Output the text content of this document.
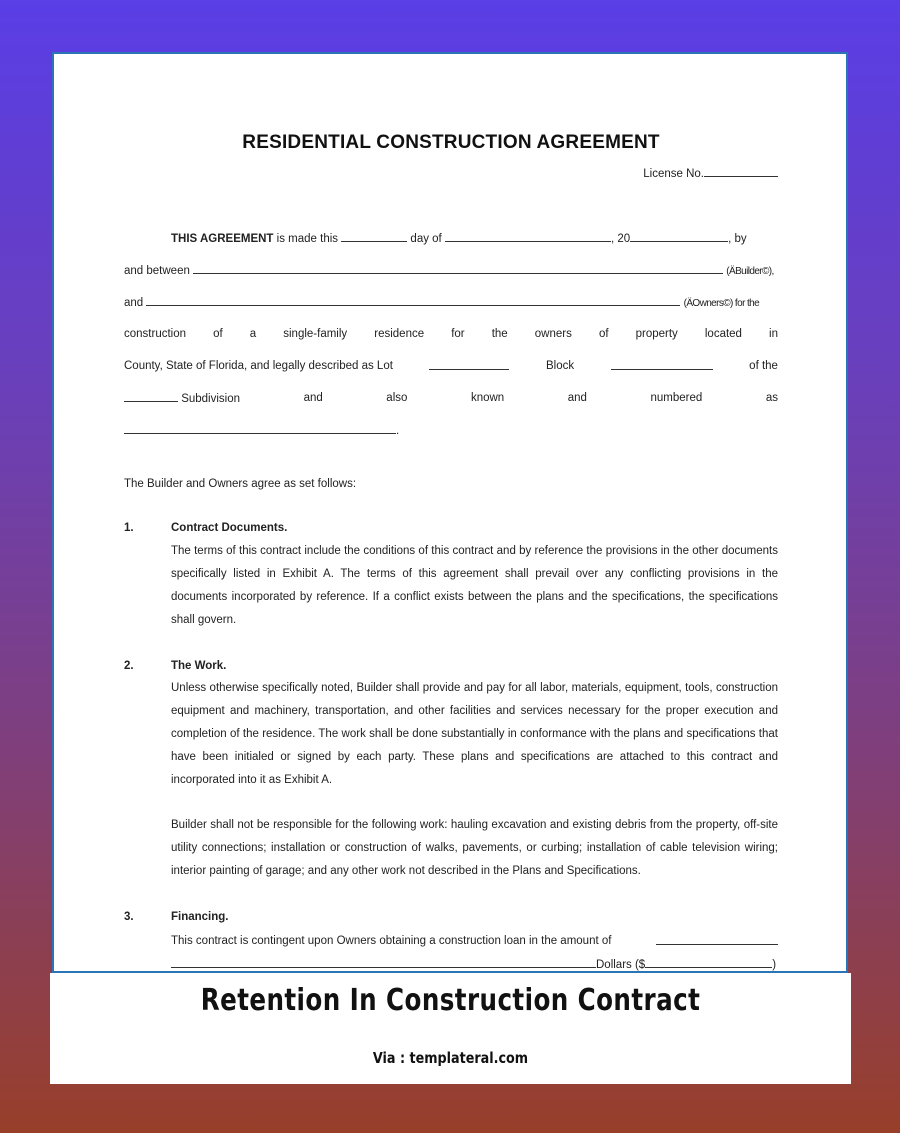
RESIDENTIAL CONSTRUCTION AGREEMENT
License No.
THIS AGREEMENT is made this	day of	, 20	, by
and between	(ÄBuilder©),
and	(ÄOwners©) for the
construction of a single-family residence for the owners of property located in
County, State of Florida, and legally described as Lot	Block	of the
Subdivision	and	also	known	and	numbered	as
.
The Builder and Owners agree as set follows:
1.	Contract Documents.
The terms of this contract include the conditions of this contract and by reference the provisions in the other documents specifically listed in Exhibit A. The terms of this agreement shall prevail over any conflicting provisions in the documents incorporated by reference. If a conflict exists between the plans and the specifications, the specifications shall govern.
2.	The Work.
Unless otherwise specifically noted, Builder shall provide and pay for all labor, materials, equipment, tools, construction equipment and machinery, transportation, and other facilities and services necessary for the proper execution and completion of the residence. The work shall be done substantially in conformance with the plans and specifications that have been initialed or signed by each party. These plans and specifications are attached to this contract and incorporated into it as Exhibit A.
Builder shall not be responsible for the following work: hauling excavation and existing debris from the property, off-site utility connections; installation or construction of walks, pavements, or curbing; installation of cable television wiring; interior painting of garage; and any other work not described in the Plans and Specifications.
3.	Financing.
This contract is contingent upon Owners obtaining a construction loan in the amount of
Dollars ($	)
Retention In Construction Contract
Via : templateral.com
